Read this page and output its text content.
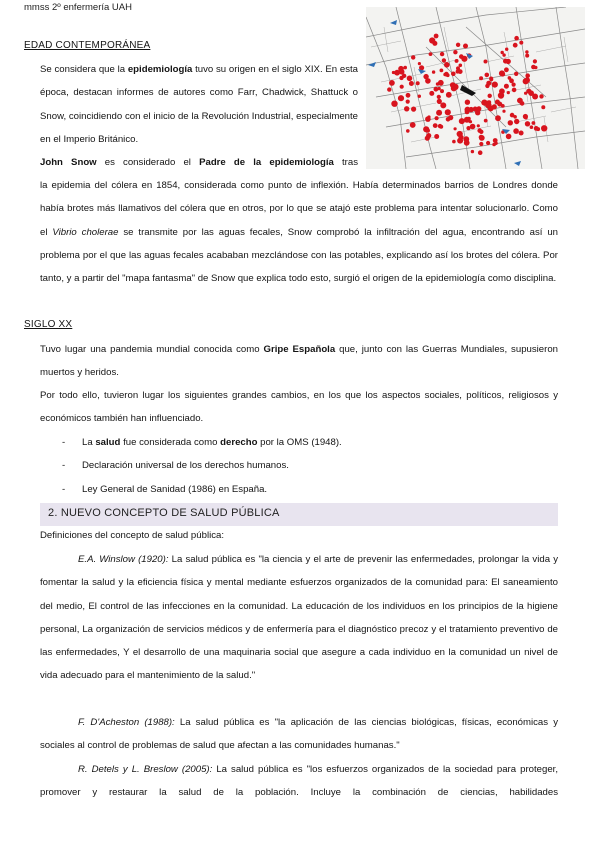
mmss 2º enfermería UAH
EDAD CONTEMPORÁNEA

Se considera que la epidemiología tuvo su origen en el siglo XIX. En esta época, destacan informes de autores como Farr, Chadwick, Shattuck o Snow, coincidiendo con el inicio de la Revolución Industrial, especialmente en el Imperio Británico.

John Snow es considerado el Padre de la epidemiología tras

la epidemia del cólera en 1854, considerada como punto de inflexión. Había determinados barrios de Londres donde había brotes más llamativos del cólera que en otros, por lo que se atajó este problema para intentar solucionarlo. Como el Vibrio cholerae se transmite por las aguas fecales, Snow comprobó la infiltración del agua, encontrando así un problema por el que las aguas fecales acababan mezclándose con las potables, explicando así los brotes del cólera. Por tanto, y a partir del "mapa fantasma" de Snow que explica todo esto, surgió el origen de la epidemiología como disciplina.

SIGLO XX

Tuvo lugar una pandemia mundial conocida como Gripe Española que, junto con las Guerras Mundiales, supusieron muertos y heridos.

Por todo ello, tuvieron lugar los siguientes grandes cambios, en los que los aspectos sociales, políticos, religiosos y económicos también han influenciado.

- La salud fue considerada como derecho por la OMS (1948).
- Declaración universal de los derechos humanos.
- Ley General de Sanidad (1986) en España.
2. NUEVO CONCEPTO DE SALUD PÚBLICA
Definiciones del concepto de salud pública:

E.A. Winslow (1920): La salud pública es "la ciencia y el arte de prevenir las enfermedades, prolongar la vida y fomentar la salud y la eficiencia física y mental mediante esfuerzos organizados de la comunidad para: El saneamiento del medio, El control de las infecciones en la comunidad. La educación de los individuos en los principios de la higiene personal, La organización de servicios médicos y de enfermería para el diagnóstico precoz y el tratamiento preventivo de las enfermedades, Y el desarrollo de una maquinaria social que asegure a cada individuo en la comunidad un nivel de vida adecuado para el mantenimiento de la salud."

F. D'Acheston (1988): La salud pública es "la aplicación de las ciencias biológicas, físicas, económicas y sociales al control de problemas de salud que afectan a las comunidades humanas."

R. Detels y L. Breslow (2005): La salud pública es "los esfuerzos organizados de la sociedad para proteger, promover y restaurar la salud de la población. Incluye la combinación de ciencias, habilidades
